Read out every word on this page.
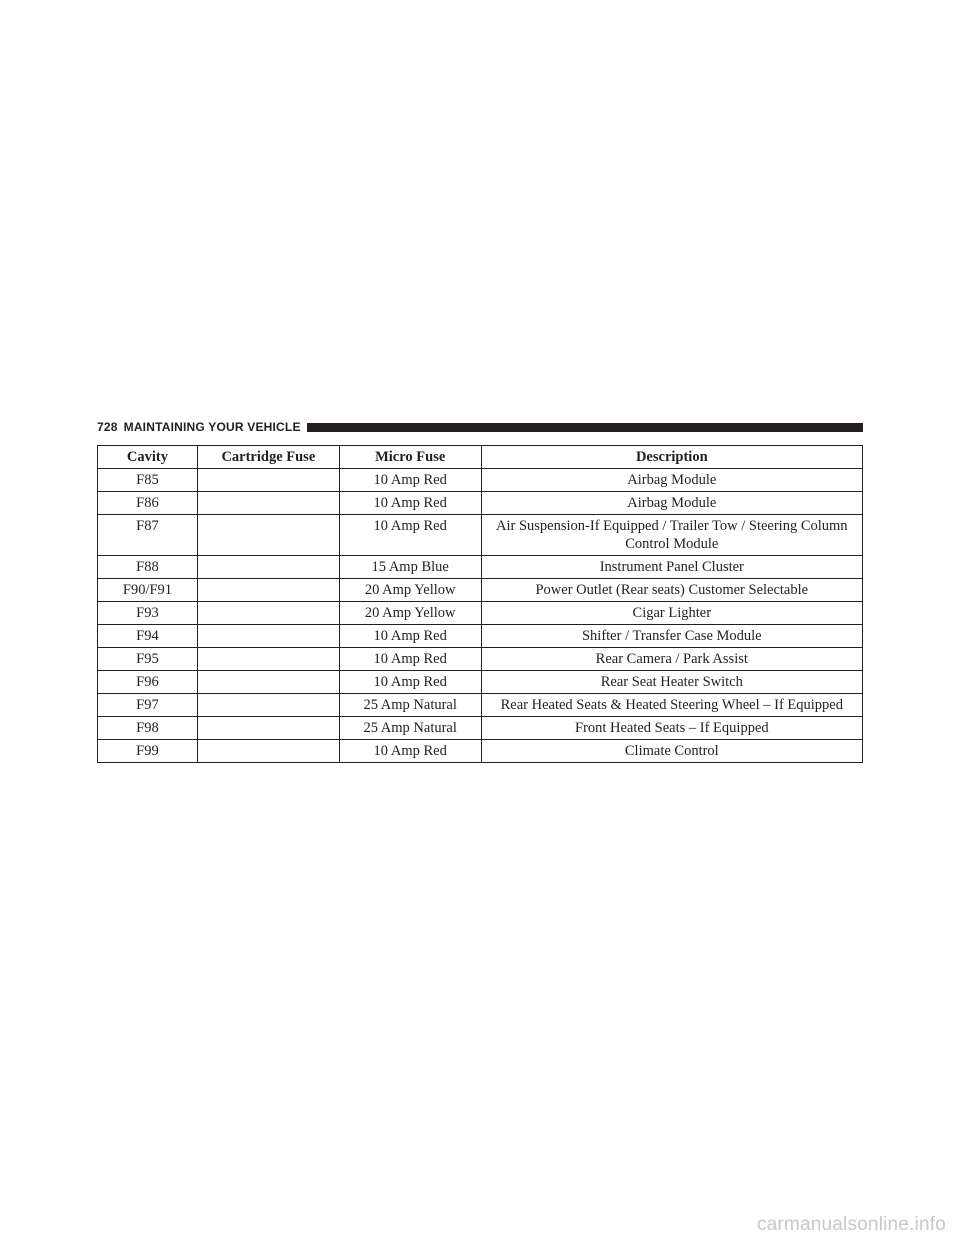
728 MAINTAINING YOUR VEHICLE
Cavity	Cartridge Fuse	Micro Fuse	Description
F85		10 Amp Red	Airbag Module
F86		10 Amp Red	Airbag Module
F87		10 Amp Red	Air Suspension-If Equipped / Trailer Tow / Steering Column Control Module
F88		15 Amp Blue	Instrument Panel Cluster
F90/F91		20 Amp Yellow	Power Outlet (Rear seats) Customer Selectable
F93		20 Amp Yellow	Cigar Lighter
F94		10 Amp Red	Shifter / Transfer Case Module
F95		10 Amp Red	Rear Camera / Park Assist
F96		10 Amp Red	Rear Seat Heater Switch
F97		25 Amp Natural	Rear Heated Seats & Heated Steering Wheel – If Equipped
F98		25 Amp Natural	Front Heated Seats – If Equipped
F99		10 Amp Red	Climate Control
carmanualsonline.info
